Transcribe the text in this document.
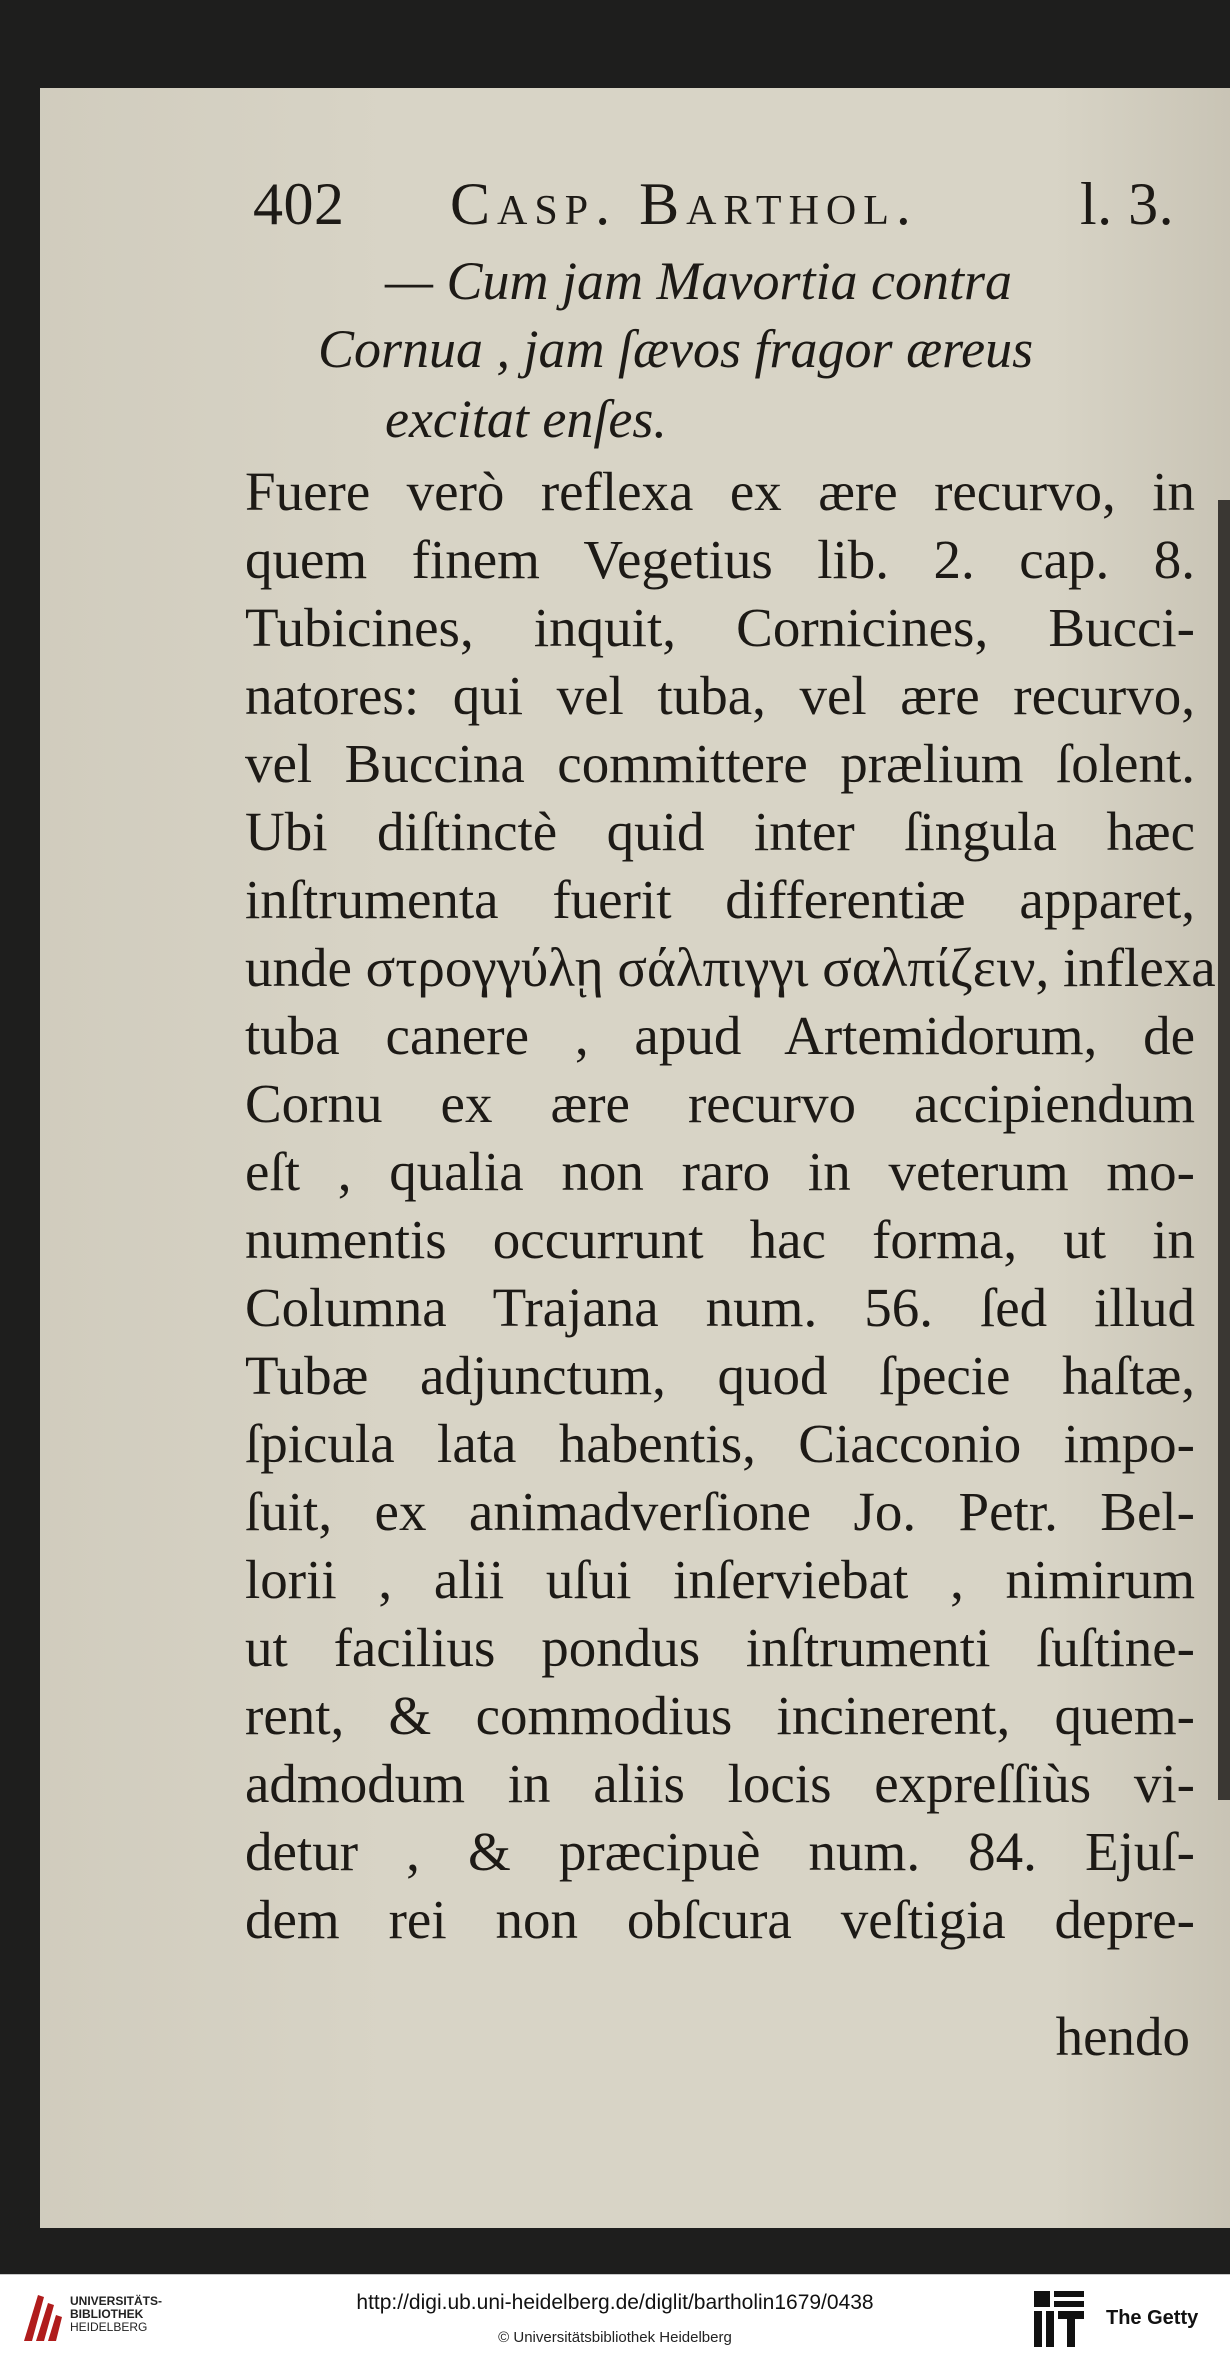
402 Casp. Barthol.	l. 3.
— Cum jam Mavortia contra
Cornua , jam ſævos fragor æreus
excitat enſes.
Fuere verò reflexa ex ære recurvo, in
quem finem Vegetius lib. 2. cap. 8.
Tubicines, inquit, Cornicines, Bucci-
natores: qui vel tuba, vel ære recurvo,
vel Buccina committere prælium ſolent.
Ubi diſtinctè quid inter ſingula hæc
inſtrumenta fuerit differentiæ apparet,
unde στρογγύλῃ σάλπιγγι σαλπίζειν, inflexa
tuba canere , apud Artemidorum, de
Cornu ex ære recurvo accipiendum
eſt , qualia non raro in veterum mo-
numentis occurrunt hac forma, ut in
Columna Trajana num. 56. ſed illud
Tubæ adjunctum, quod ſpecie haſtæ,
ſpicula lata habentis, Ciacconio impo-
ſuit, ex animadverſione Jo. Petr. Bel-
lorii , alii uſui inſerviebat , nimirum
ut facilius pondus inſtrumenti ſuſtine-
rent, & commodius incinerent, quem-
admodum in aliis locis expreſſiùs vi-
detur , & præcipuè num. 84. Ejuſ-
dem rei non obſcura veſtigia depre-
hendo
UNIVERSITÄTS-
BIBLIOTHEK
HEIDELBERG
http://digi.ub.uni-heidelberg.de/diglit/bartholin1679/0438
© Universitätsbibliothek Heidelberg
The Getty
